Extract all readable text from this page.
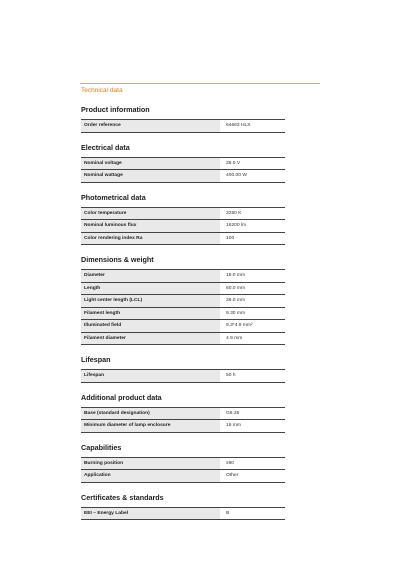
Technical data
Product information
Order reference	64663 HLX
Electrical data
Nominal voltage	36.0 V
Nominal wattage	400.00 W
Photometrical data
Color temperature	3250 K
Nominal luminous flux	16200 lm
Color rendering index Ra	100
Dimensions & weight
Diameter	15.0 mm
Length	60.0 mm
Light center length (LCL)	36.0 mm
Filament length	9.30 mm
Illuminated field	9.3*4.9 mm²
Filament diameter	4.9 mm
Lifespan
Lifespan	50 h
Additional product data
Base (standard designation)	G6.35
Minimum diameter of lamp enclosure	16 mm
Capabilities
Burning position	s90
Application	Other
Certificates & standards
EEI – Energy Label	B
